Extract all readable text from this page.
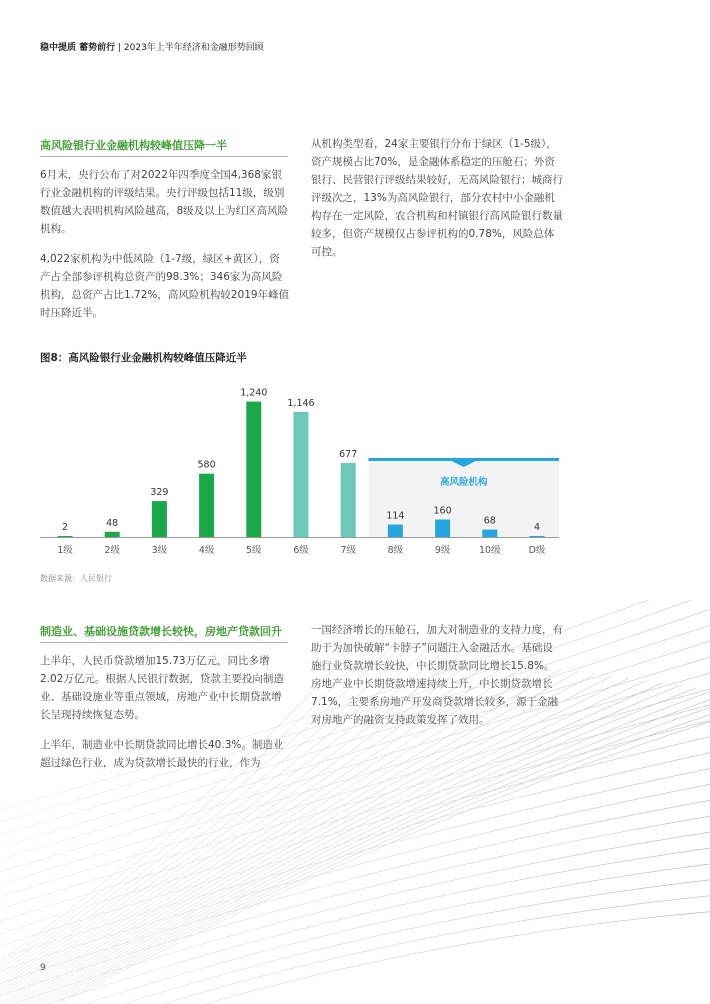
稳中提质 蓄势前行 | 2023年上半年经济和金融形势回顾
高风险银行业金融机构较峰值压降一半

6月末，央行公布了对2022年四季度全国4,368家银行业金融机构的评级结果。央行评级包括11级，级别数值越大表明机构风险越高，8级及以上为红区高风险机构。

4,022家机构为中低风险（1-7级，绿区+黄区），资产占全部参评机构总资产的98.3%；346家为高风险机构，总资产占比1.72%，高风险机构较2019年峰值时压降近半。

从机构类型看，24家主要银行分布于绿区（1-5级），资产规模占比70%，是金融体系稳定的压舱石；外资银行、民营银行评级结果较好，无高风险银行；城商行评级次之，13%为高风险银行，部分农村中小金融机构存在一定风险，农合机构和村镇银行高风险银行数量较多，但资产规模仅占参评机构的0.78%，风险总体可控。

图8：高风险银行业金融机构较峰值压降近半
高风险机构
2	48
329
580
1,240
1,146
677
114	160
68
4
1级	2级	3级	4级	5级	6级	7级	8级	9级	10级	D级
数据来源：人民银行
制造业、基础设施贷款增长较快，房地产贷款回升

上半年，人民币贷款增加15.73万亿元，同比多增2.02万亿元。根据人民银行数据，贷款主要投向制造业、基础设施业等重点领域，房地产业中长期贷款增长呈现持续恢复态势。

上半年，制造业中长期贷款同比增长40.3%。制造业超过绿色行业，成为贷款增长最快的行业，作为

一国经济增长的压舱石，加大对制造业的支持力度，有助于为加快破解“卡脖子”问题注入金融活水。基础设施行业贷款增长较快，中长期贷款同比增长15.8%。房地产业中长期贷款增速持续上升，中长期贷款增长7.1%，主要系房地产开发商贷款增长较多，源于金融对房地产的融资支持政策发挥了效用。

9
